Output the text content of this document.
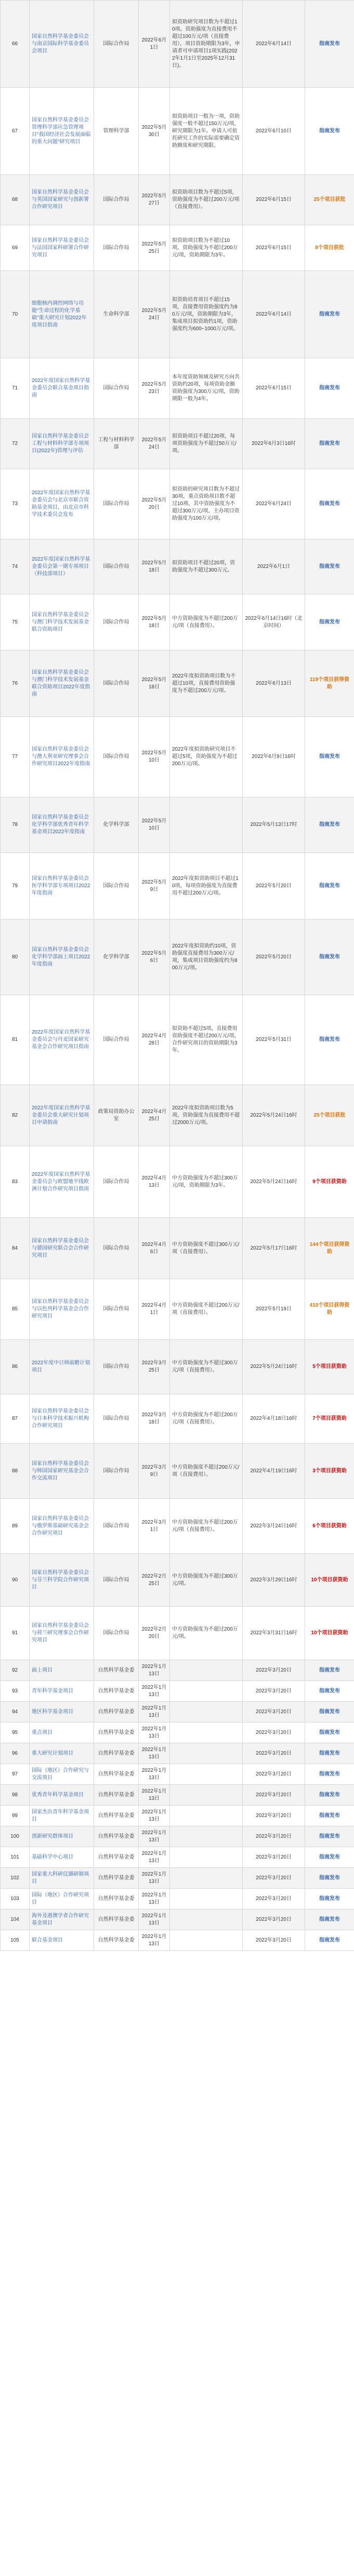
66	国家自然科学基金委员会与南京国际科学基金委员会项目	国际合作局	2022年6月1日	拟资助研究项目数为不超过10项。资助强度为直接费用不超过100万元/项（直接费用），项目资助期限为3年，申请者可申请项目1项实践(2022年1月1日至2025年12月31日)。	2022年6月14日	指南发布
67	国家自然科学基金委员会管理科学部应急管理项目“我国经济社会发展面临的重大问题”研究项目	管理科学部	2022年5月30日	拟资助项目一般为一项，资助强度一般不超过150万元/项，研究期限为1年。申请人可依托研究工作的实际需要确定资助额度和研究期限。	2022年6月10日	指南发布
68	国家自然科学基金委员会与英国国家研究与创新署合作研究项目	国际合作局	2022年5月27日	拟资助项目数为不超过5项，资助强度为不超过200万元/项（直接费用）。	2022年6月15日	25个项目获批
69	国家自然科学基金委员会与法国国家科研署合作研究项目	国际合作局	2022年5月25日	拟资助项目数为不超过10项，资助强度为不超过200万元/项，资助期限为3年。	2022年6月15日	8个项目获批
70	细胞核内调控网络与功能“生命过程的化学基础”重大研究计划2022年度项目指南	生命科学部	2022年5月24日	拟资助培育项目不超过15项，直接费用资助强度约为80万元/项，资助期限为3年，集成项目拟资助约1项，资助强度约为600~1000万元/项。	2022年6月14日	指南发布
71	2022年度国家自然科学基金委员会联合基金项目指南	国际合作局	2022年5月23日	本年度资助领域及研究方向共资助约20项，每项资助金额资助强度为300万元/项，资助期限一般为4年。	2022年6月15日	指南发布
72	国家自然科学基金委员会工程与材料科学部专项项目(2022年)管理与评估	工程与材料科学部	2022年5月24日	拟资助项目不超过20项，每项资助强度为不超过50万元/项。	2022年6月3日16时	指南发布
73	2022年度国家自然科学基金委员会与北京市联合资助基金项目，由北京市科学技术委员会发布	国际合作局	2022年5月20日	拟资助的研究项目数为不超过30项，重点资助项目数不超过10项，其中资助强度为不超过300万元/项，主办项目资助强度为100万元/项。	2022年6月24日	指南发布
74	2022年度国家自然科学基金委员会第一期专项项目（科技部项目）	国际合作局	2022年5月18日	拟资助项目不超过20项，资助强度为不超过300万元。	2022年6月1日	指南发布
75	国家自然科学基金委员会与澳门科学技术发展基金联合资助项目	国际合作局	2022年5月18日	中方资助强度为不超过200万元/项（直接费用）。	2022年6月14日16时（北京时间）	指南发布
76	国家自然科学基金委员会与澳门科学技术发展基金联合资助项目2022年度指南	国际合作局	2022年5月18日	2022年度拟资助项目数为不超过10项，直接费用资助强度为不超过200万元/项。	2022年6月13日	119个项目获得资助
77	国家自然科学基金委员会与澳大利亚研究理事会合作研究项目2022年度指南	国际合作局	2022年5月10日	2022年度拟资助研究项目不超过5项，资助强度为不超过200万元/项。	2022年6月9日16时	指南发布
78	国家自然科学基金委员会化学科学部优秀青年科学基金项目2022年度指南	化学科学部	2022年5月10日		2022年5月13日17时	指南发布
79	国家自然科学基金委员会医学科学部专项项目2022年度指南	国际合作局	2022年5月9日	2022年度拟资助项目不超过10项，每项资助强度为直接费用不超过200万元/项。	2022年5月20日	指南发布
80	国家自然科学基金委员会化学科学部面上项目2022年度指南	化学科学部	2022年5月6日	2022年度拟资助约10项，资助强度直接费用为300万元/项，集成项目资助强度约为800万元/项。	2022年5月20日	指南发布
81	2022年度国家自然科学基金委员会与丹麦国家研究基金会合作研究项目指南	国际合作局	2022年4月28日	拟资助不超过5项，直接费用资助强度不超过200万元/项，合作研究项目的资助期限为3年。	2022年5月31日	指南发布
82	2022年度国家自然科学基金委员会重大研究计划项目申请指南	政策局资助办公室	2022年4月25日	2022年度拟资助项目数为5项，资助强度为直接费用不超过2000万元/项。	2022年5月24日16时	25个项目获批
83	2022年度国家自然科学基金委员会与欧盟地平线欧洲计划合作研究项目指南	国际合作局	2022年4月13日	中方资助强度为不超过300万元/项，资助期限为3年。	2022年5月24日16时	9个项目获资助
84	国家自然科学基金委员会与德国研究联合会合作研究项目	国际合作局	2022年4月6日	中方资助强度不超过300万元/项（直接费用）。	2022年5月17日16时	144个项目获得资助
85	国家自然科学基金委员会与以色列科学基金会合作研究项目	国际合作局	2022年4月1日	中方资助强度不超过200万元/项（直接费用）。	2022年5月19日	410个项目获得资助
86	2022年度中日韩前瞻计划项目	国际合作局	2022年3月25日	中方资助强度为不超过300万元/项（直接费用）。	2022年5月24日16时	5个项目获资助
87	国家自然科学基金委员会与日本科学技术振兴机构合作研究项目	国际合作局	2022年3月18日	中方资助强度为不超过200万元/项（直接费用）。	2022年4月18日16时	7个项目获资助
88	国家自然科学基金委员会与韩国国家研究基金会合作交流项目	国际合作局	2022年3月9日	中方资助强度不超过200万元/项（直接费用）。	2022年4月19日16时	3个项目获资助
89	国家自然科学基金委员会与俄罗斯基础研究基金会合作研究项目	国际合作局	2022年3月1日	中方资助强度为不超过200万元/项（直接费用）。	2022年3月24日16时	6个项目获资助
90	国家自然科学基金委员会与芬兰科学院合作研究项目	国际合作局	2022年2月25日	中方资助强度为不超过300万元/项。	2022年3月29日16时	10个项目获资助
91	国家自然科学基金委员会与荷兰研究理事会合作研究项目	国际合作局	2022年2月20日	中方资助强度为不超过200万元/项。	2022年3月31日16时	10个项目获资助
92	面上项目	自然科学基金委	2022年1月13日		2022年3月20日	指南发布
93	青年科学基金项目	自然科学基金委	2022年1月13日		2022年3月20日	指南发布
94	地区科学基金项目	自然科学基金委	2022年1月13日		2022年3月20日	指南发布
95	重点项目	自然科学基金委	2022年1月13日		2022年3月20日	指南发布
96	重大研究计划项目	自然科学基金委	2022年1月13日		2022年3月20日	指南发布
97	国际（地区）合作研究与交流项目	自然科学基金委	2022年1月13日		2022年3月20日	指南发布
98	优秀青年科学基金项目	自然科学基金委	2022年1月13日		2022年3月20日	指南发布
99	国家杰出青年科学基金项目	自然科学基金委	2022年1月13日		2022年3月20日	指南发布
100	创新研究群体项目	自然科学基金委	2022年1月13日		2022年3月20日	指南发布
101	基础科学中心项目	自然科学基金委	2022年1月13日		2022年3月20日	指南发布
102	国家重大科研仪器研制项目	自然科学基金委	2022年1月13日		2022年3月20日	指南发布
103	国际（地区）合作研究项目	自然科学基金委	2022年1月13日		2022年3月20日	指南发布
104	海外及港澳学者合作研究基金项目	自然科学基金委	2022年1月13日		2022年3月20日	指南发布
105	联合基金项目	自然科学基金委	2022年1月13日		2022年3月20日	指南发布
